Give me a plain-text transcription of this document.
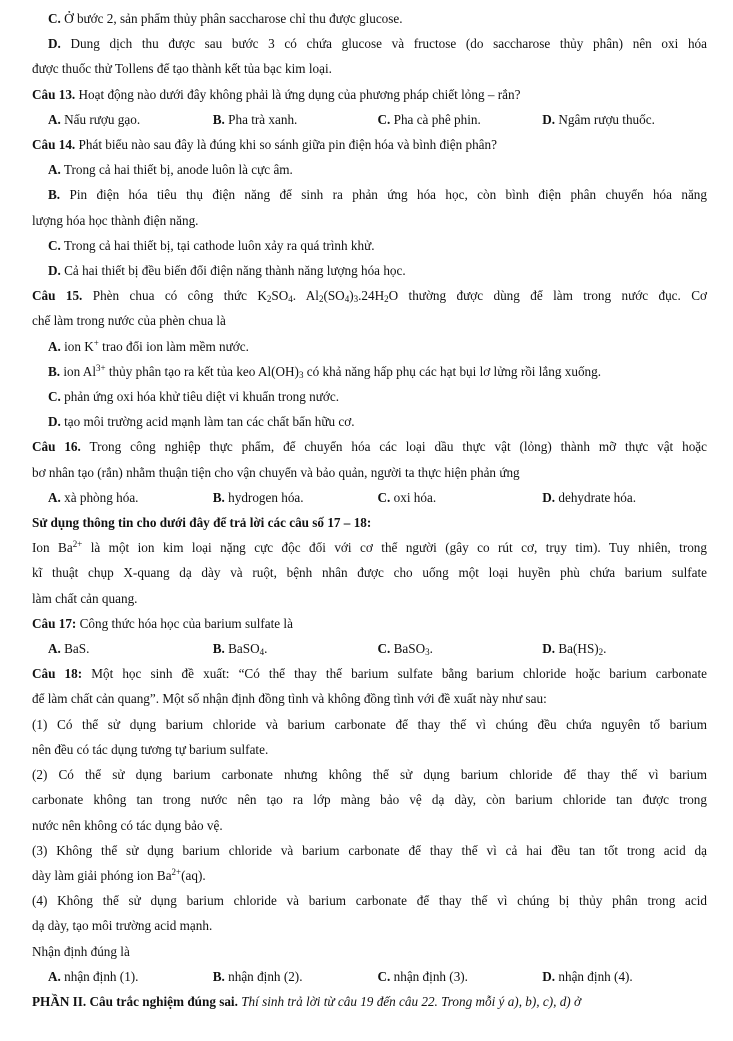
C. Ở bước 2, sản phẩm thủy phân saccharose chỉ thu được glucose.
D. Dung dịch thu được sau bước 3 có chứa glucose và fructose (do saccharose thủy phân) nên oxi hóa
được thuốc thử Tollens để tạo thành kết tủa bạc kim loại.
Câu 13. Hoạt động nào dưới đây không phải là ứng dụng của phương pháp chiết lỏng – rắn?
A. Nấu rượu gạo.	B. Pha trà xanh.	C. Pha cà phê phin.	D. Ngâm rượu thuốc.
Câu 14. Phát biểu nào sau đây là đúng khi so sánh giữa pin điện hóa và bình điện phân?
A. Trong cả hai thiết bị, anode luôn là cực âm.
B. Pin điện hóa tiêu thụ điện năng để sinh ra phản ứng hóa học, còn bình điện phân chuyển hóa năng
lượng hóa học thành điện năng.
C. Trong cả hai thiết bị, tại cathode luôn xảy ra quá trình khử.
D. Cả hai thiết bị đều biến đổi điện năng thành năng lượng hóa học.
Câu 15. Phèn chua có công thức $K_2SO_4$. $Al_2(SO_4)_3.24H_2O$ thường được dùng để làm trong nước đục. Cơ
chế làm trong nước của phèn chua là
A. ion K+ trao đổi ion làm mềm nước.
B. ion $Al^{3+}$ thủy phân tạo ra kết tủa keo $Al(OH)_3$ có khả năng hấp phụ các hạt bụi lơ lửng rồi lắng xuống.
C. phản ứng oxi hóa khử tiêu diệt vi khuẩn trong nước.
D. tạo môi trường acid mạnh làm tan các chất bẩn hữu cơ.
Câu 16. Trong công nghiệp thực phẩm, để chuyển hóa các loại dầu thực vật (lỏng) thành mỡ thực vật hoặc
bơ nhân tạo (rắn) nhằm thuận tiện cho vận chuyển và bảo quản, người ta thực hiện phản ứng
A. xà phòng hóa.	B. hydrogen hóa.	C. oxi hóa.	D. dehydrate hóa.
Sử dụng thông tin cho dưới đây để trả lời các câu số 17 – 18:
Ion $Ba^{2+}$ là một ion kim loại nặng cực độc đối với cơ thể người (gây co rút cơ, trụy tim). Tuy nhiên, trong
kĩ thuật chụp X-quang dạ dày và ruột, bệnh nhân được cho uống một loại huyền phù chứa barium sulfate
làm chất cản quang.
Câu 17: Công thức hóa học của barium sulfate là
A. BaS.	B. BaSO$_4$.	C. BaSO$_3$.	D. $Ba(HS)_2$.
Câu 18: Một học sinh đề xuất: “Có thể thay thế barium sulfate bằng barium chloride hoặc barium carbonate
để làm chất cản quang”. Một số nhận định đồng tình và không đồng tình với đề xuất này như sau:
(1) Có thể sử dụng barium chloride và barium carbonate để thay thế vì chúng đều chứa nguyên tố barium
nên đều có tác dụng tương tự barium sulfate.
(2) Có thể sử dụng barium carbonate nhưng không thể sử dụng barium chloride để thay thế vì barium
carbonate không tan trong nước nên tạo ra lớp màng bảo vệ dạ dày, còn barium chloride tan được trong
nước nên không có tác dụng bảo vệ.
(3) Không thể sử dụng barium chloride và barium carbonate để thay thế vì cả hai đều tan tốt trong acid dạ
dày làm giải phóng ion $Ba^{2+}(aq)$.
(4) Không thể sử dụng barium chloride và barium carbonate để thay thế vì chúng bị thủy phân trong acid
dạ dày, tạo môi trường acid mạnh.
Nhận định đúng là
A. nhận định (1).	B. nhận định (2).	C. nhận định (3).	D. nhận định (4).
PHẦN II. Câu trắc nghiệm đúng sai. Thí sinh trả lời từ câu 19 đến câu 22. Trong mỗi ý a), b), c), d) ở
